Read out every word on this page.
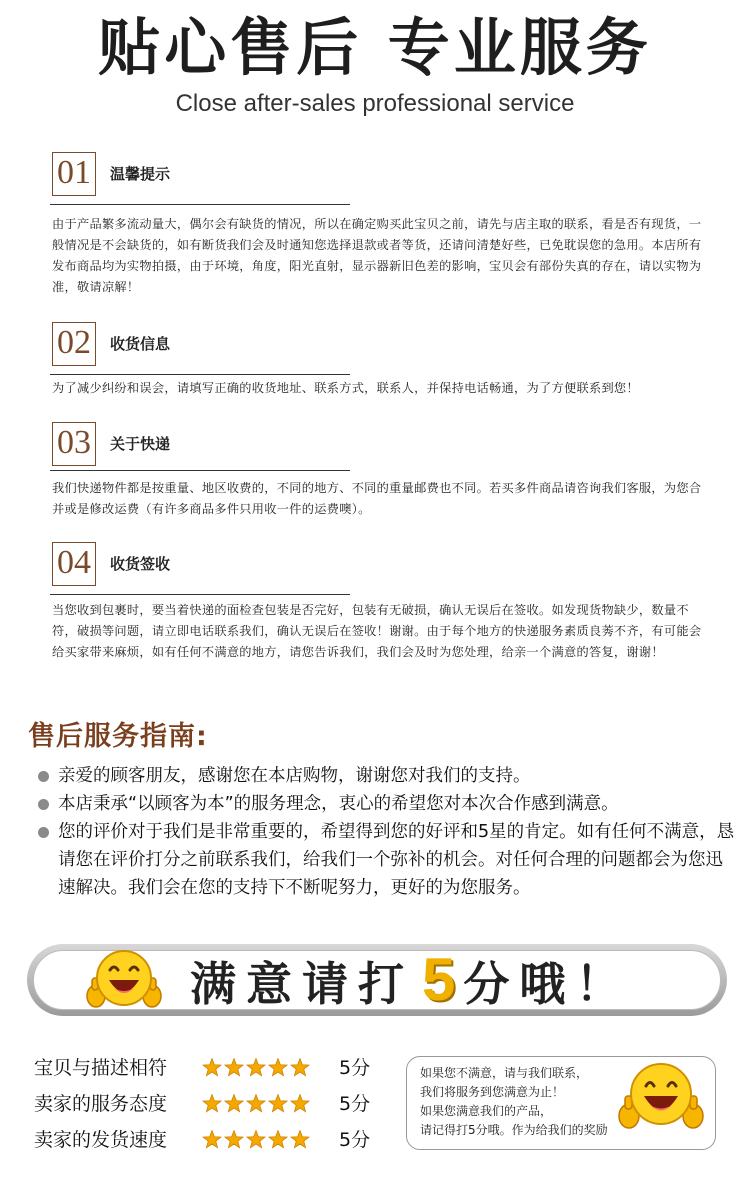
贴心售后 专业服务
Close after-sales professional service
01	温馨提示
由于产品繁多流动量大，偶尔会有缺货的情况，所以在确定购买此宝贝之前，请先与店主取的联系，看是否有现货，一般情况是不会缺货的，如有断货我们会及时通知您选择退款或者等货，还请问清楚好些，已免耽误您的急用。本店所有发布商品均为实物拍摄，由于环境，角度，阳光直射，显示器新旧色差的影响，宝贝会有部份失真的存在，请以实物为准，敬请凉解！
02	收货信息
为了减少纠纷和误会，请填写正确的收货地址、联系方式，联系人，并保持电话畅通，为了方便联系到您！
03	关于快递
我们快递物件都是按重量、地区收费的，不同的地方、不同的重量邮费也不同。若买多件商品请咨询我们客服，为您合并或是修改运费（有许多商品多件只用收一件的运费噢）。
04	收货签收
当您收到包裹时，要当着快递的面检查包装是否完好，包装有无破损，确认无误后在签收。如发现货物缺少，数量不符，破损等问题，请立即电话联系我们，确认无误后在签收！谢谢。由于每个地方的快递服务素质良莠不齐，有可能会给买家带来麻烦，如有任何不满意的地方，请您告诉我们，我们会及时为您处理，给亲一个满意的答复，谢谢！
售后服务指南:
亲爱的顾客朋友，感谢您在本店购物，谢谢您对我们的支持。
本店秉承“以顾客为本”的服务理念，衷心的希望您对本次合作感到满意。
您的评价对于我们是非常重要的，希望得到您的好评和5星的肯定。如有任何不满意，恳请您在评价打分之前联系我们，给我们一个弥补的机会。对任何合理的问题都会为您迅速解决。我们会在您的支持下不断呢努力，更好的为您服务。
满意请打 5 分哦！
宝贝与描述相符	5分
卖家的服务态度	5分
卖家的发货速度	5分
如果您不满意，请与我们联系，
我们将服务到您满意为止！
如果您满意我们的产品，
请记得打5分哦。作为给我们的奖励
